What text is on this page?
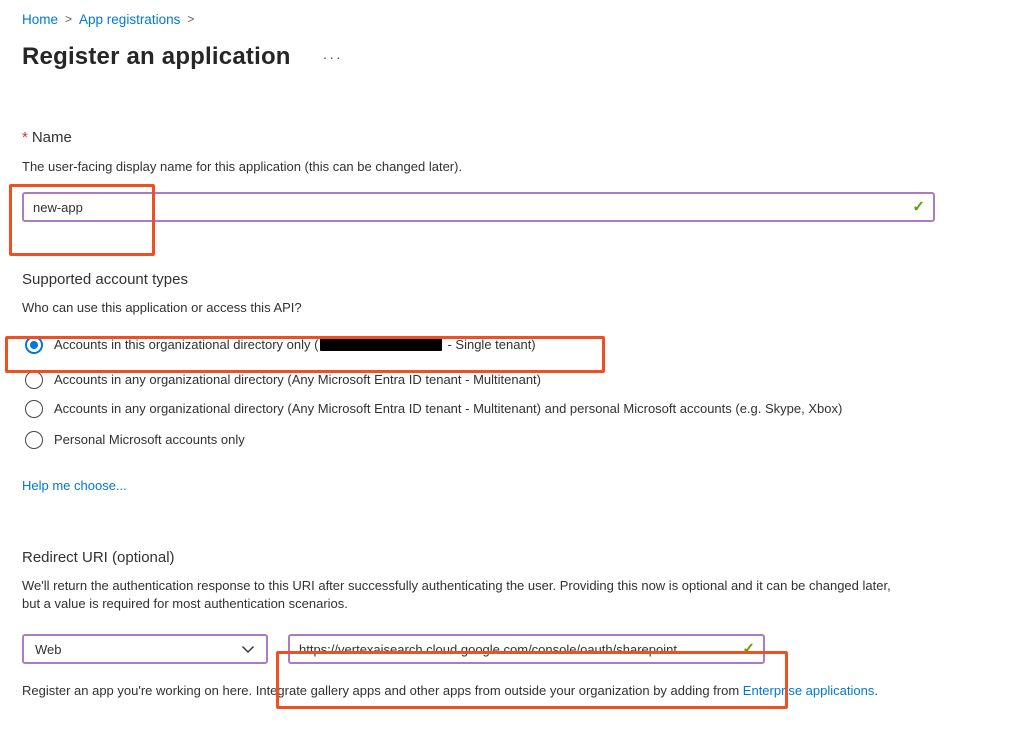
Home > App registrations >
Register an application ···
* Name
The user-facing display name for this application (this can be changed later).
new-app
✓
Supported account types
Who can use this application or access this API?
Accounts in this organizational directory only (	- Single tenant)
Accounts in any organizational directory (Any Microsoft Entra ID tenant - Multitenant)
Accounts in any organizational directory (Any Microsoft Entra ID tenant - Multitenant) and personal Microsoft accounts (e.g. Skype, Xbox)
Personal Microsoft accounts only
Help me choose...
Redirect URI (optional)
We'll return the authentication response to this URI after successfully authenticating the user. Providing this now is optional and it can be changed later, but a value is required for most authentication scenarios.
Web
https://vertexaisearch.cloud.google.com/console/oauth/sharepoint...	✓
Register an app you're working on here. Integrate gallery apps and other apps from outside your organization by adding from Enterprise applications.
